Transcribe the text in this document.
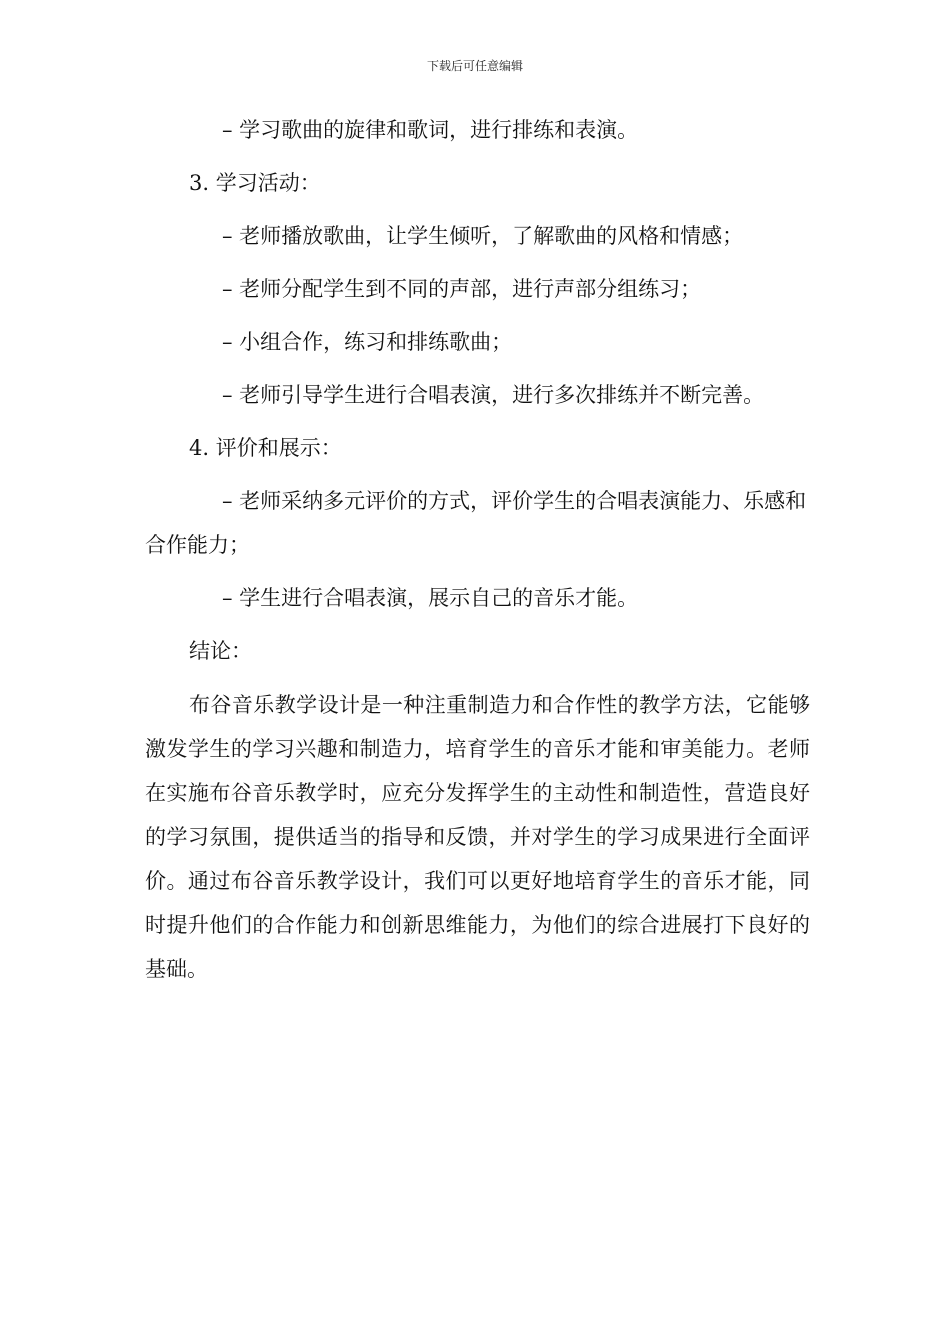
下载后可任意编辑
– 学习歌曲的旋律和歌词，进行排练和表演。
3. 学习活动：
– 老师播放歌曲，让学生倾听，了解歌曲的风格和情感；
– 老师分配学生到不同的声部，进行声部分组练习；
– 小组合作，练习和排练歌曲；
– 老师引导学生进行合唱表演，进行多次排练并不断完善。
4. 评价和展示：

– 老师采纳多元评价的方式，评价学生的合唱表演能力、乐感和合作能力；

– 学生进行合唱表演，展示自己的音乐才能。
结论：

布谷音乐教学设计是一种注重制造力和合作性的教学方法，它能够激发学生的学习兴趣和制造力，培育学生的音乐才能和审美能力。老师在实施布谷音乐教学时，应充分发挥学生的主动性和制造性，营造良好的学习氛围，提供适当的指导和反馈，并对学生的学习成果进行全面评价。通过布谷音乐教学设计，我们可以更好地培育学生的音乐才能，同时提升他们的合作能力和创新思维能力，为他们的综合进展打下良好的基础。
